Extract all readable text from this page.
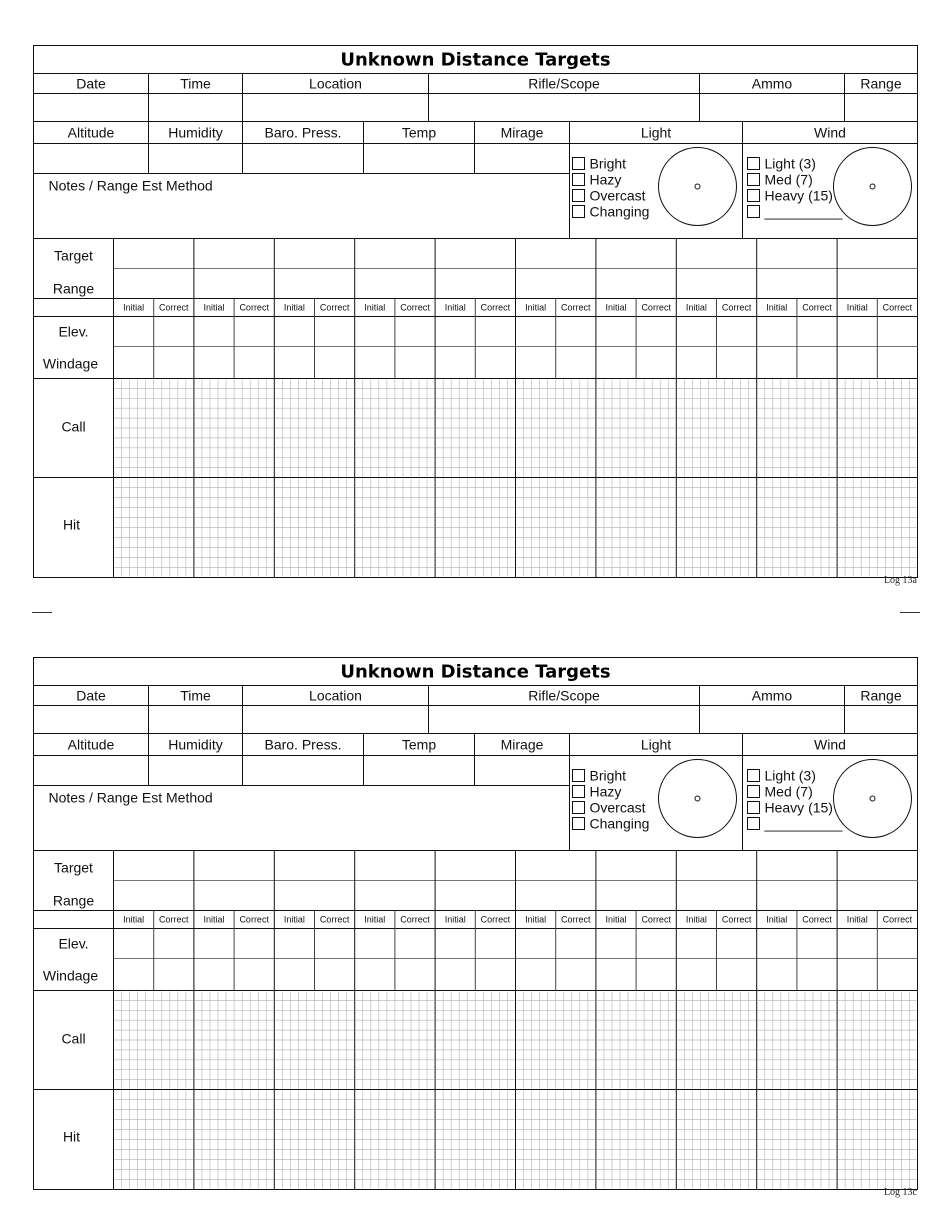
Unknown Distance Targets
Date	Time	Location	Rifle/Scope	Ammo	Range
Altitude	Humidity	Baro. Press.	Temp	Mirage	Light	Wind
Notes / Range Est Method
Bright
Hazy
Overcast
Changing
Light (3)
Med (7)
Heavy (15)
__________
Target
Range
Elev.
Windage
Call
Hit
Initial Correct Initial Correct Initial Correct Initial Correct Initial Correct Initial Correct Initial Correct Initial Correct Initial Correct Initial Correct
Log 13a
Unknown Distance Targets
Date	Time	Location	Rifle/Scope	Ammo	Range
Altitude	Humidity	Baro. Press.	Temp	Mirage	Light	Wind
Notes / Range Est Method
Bright
Hazy
Overcast
Changing
Light (3)
Med (7)
Heavy (15)
__________
Target
Range
Elev.
Windage
Call
Hit
Initial Correct Initial Correct Initial Correct Initial Correct Initial Correct Initial Correct Initial Correct Initial Correct Initial Correct Initial Correct
Log 13c
